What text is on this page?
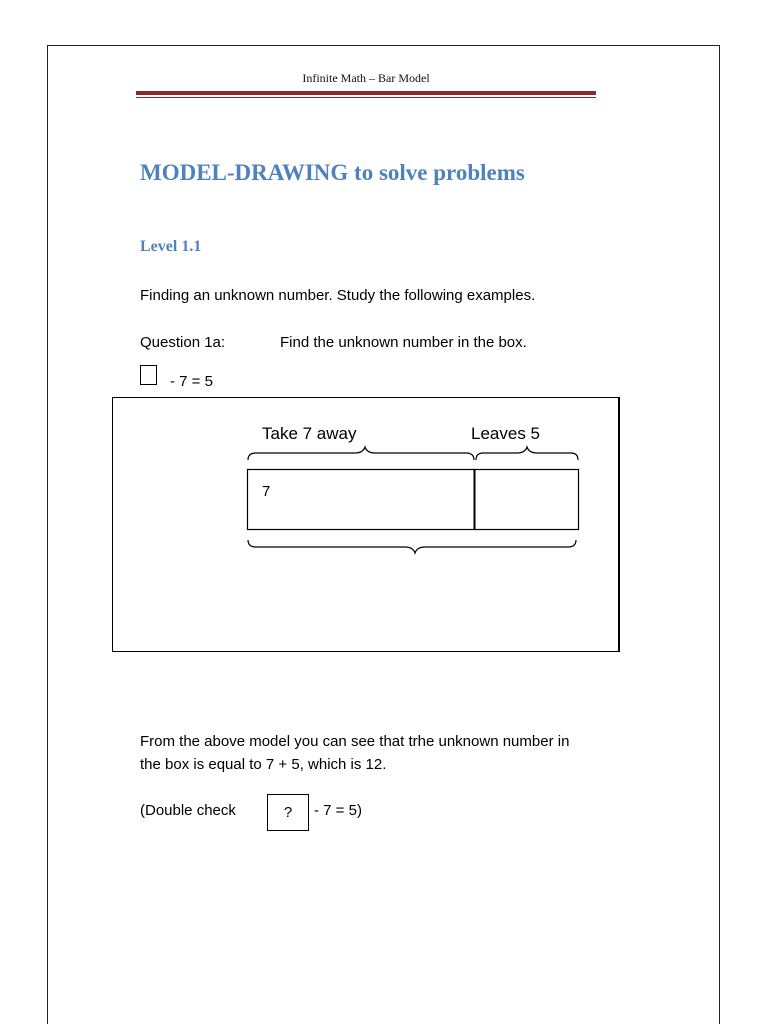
Infinite Math – Bar Model
MODEL-DRAWING to solve problems
Level 1.1
Finding an unknown number. Study the following examples.
Question 1a:	Find the unknown number in the box.
- 7 = 5
Take 7 away	Leaves 5
7
From the above model you can see that trhe unknown number in the box is equal to 7 + 5, which is 12.
(Double check	?	- 7 = 5)
